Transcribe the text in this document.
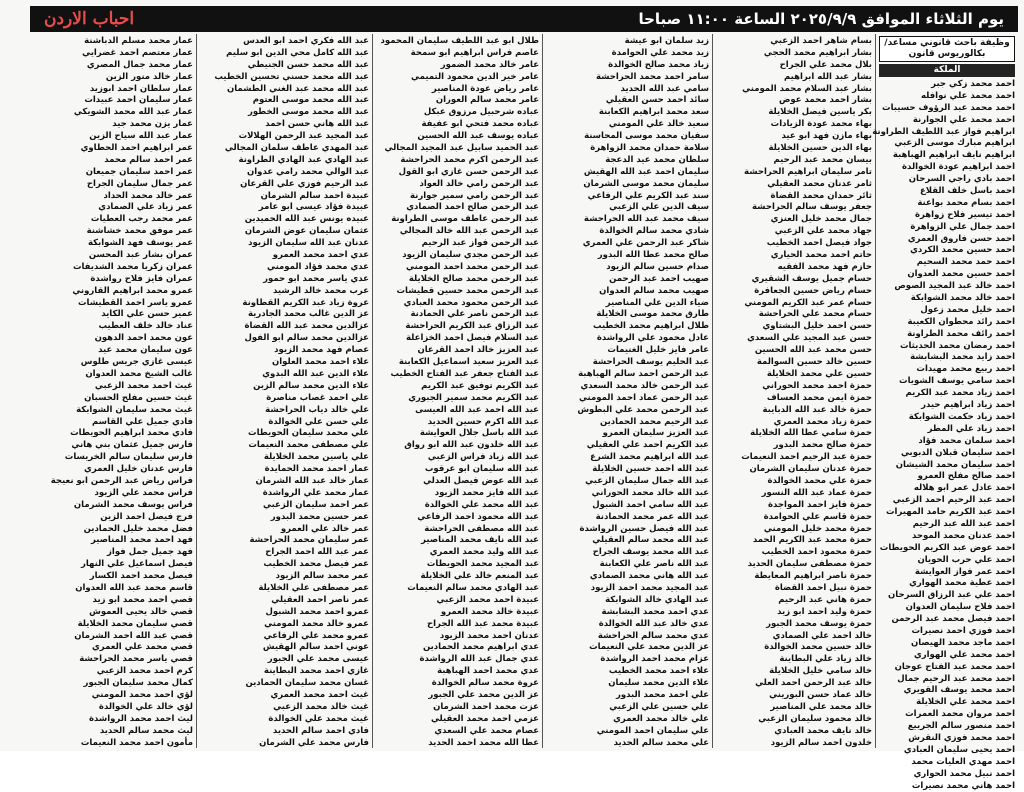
احباب الاردن	يوم الثلاثاء الموافق ٢٠٢٥/٩/٩ الساعة ١١:٠٠ صباحا
وظيفة باحث قانوني مساعد/ بكالوريوس قانون
الملكة
احمد محمد زكي جبر
احمد محمد علي نوافله
احمد محمد عبد الرؤوف حسيبات
احمد محمد علي الجوارنة
ابراهيم فواز عبد اللطيف الطراونة
ابراهيم مبارك موسى الزعبي
ابراهيم نايف ابراهيم الهباهبة
احمد ابراهيم عودة الخوالدة
احمد بادي راجي السرحان
احمد باسل خلف القلاع
احمد بسام محمد بواعنة
احمد تيسير فلاح زواهرة
احمد جمال علي الزواهرة
احمد حسن فاروق العمري
احمد حسين محمد الكردي
احمد حمد محمد السحيم
احمد حسين محمد العدوان
احمد خالد عبد المجيد الصوص
احمد خالد محمد الشوابكة
احمد خليل محمد زعول
احمد رائد محطوان الكعيبة
احمد رائف محمد الطراونة
احمد رمضان محمد الحديثات
احمد زايد محمد البشابشة
احمد ربيع محمد مهيدات
احمد سامي يوسف الشويات
احمد زياد محمد عبد الكريم
احمد زياد ابراهيم حيدر
احمد زياد حكمت الشوابكة
احمد زياد علي المطر
احمد سلمان محمد فؤاد
احمد سليمان قبلان الدبوبي
احمد سليمان محمد الشيشان
احمد صالح مفلح العمرو
احمد عادل عمر ابو هلاله
احمد عبد الرحيم احمد الزعبي
احمد عبد الكريم حامد المهيرات
احمد عبد الله عبد الرحيم
احمد عدنان محمد الموحد
احمد عوض عبد الكريم الحويطات
احمد علي حرب الحويان
احمد عمر فواز العوايشة
احمد عطية محمد الهواري
احمد علي عبد الرزاق السرحان
احمد فلاح سليمان العدوان
احمد فيصل محمد عبد الرحمن
احمد فوزي احمد نصيرات
احمد ماجد محمد الهيصان
احمد محمد علي الهواري
احمد محمد عبد الفتاح عوجان
احمد محمد عبد الرحيم جمال
احمد محمد يوسف القويري
احمد محمد علي الخلايلة
احمد مروان محمد العمرات
احمد منصور سالم الجرييع
احمد محمد فوزي النقرش
احمد يحيى سليمان العبادي
احمد مهدي العليات محمد
احمد نبيل محمد الحواري
احمد هاني محمد نصيرات
بسام شاهر احمد الزعبي
بشار ابراهيم محمد الحجي
بلال محمد علي الجراح
بشار عبد الله ابراهيم
بشار عبد السلام محمد المومني
بشار احمد محمد عوض
بكر ياسين فيصل الخلايلة
بهاء محمد عودة الزيادات
بهاء مازن فهد ابو عيد
بهاء الدين حسين الخلايلة
بيسان محمد عبد الرحيم
تامر سليمان ابراهيم الحراحشة
ثامر عدنان محمد العقيلي
ثائر حمدان محمد القضاة
جعفر يوسف سالم الحراحشة
جمال محمد خليل العنزي
جهاد محمد علي الزعبي
جواد فيصل احمد الخطيب
حاتم احمد محمد الحياري
حازم فهد محمد الفقيه
حسام جميل يوسف الشقيري
حسام رياض حسين الجعافرة
حسام عمر عبد الكريم المومني
حسام محمد علي الحراحشة
حسن احمد خليل البشتاوي
حسن عبد المجيد علي السعدي
حسن محمد عبد الله الحسين
حسين خالد حسين السوالمة
حسين علي محمد الخلايلة
حمزة احمد محمد الحوراني
حمزة ايمن محمد العساف
حمزة خالد عبد الله الدبايبة
حمزة زياد محمد العمري
حمزة سامي عطا الله الخلايلة
حمزة صالح محمد البدور
حمزة عبد الرحيم احمد النعيمات
حمزة عدنان سليمان الشرمان
حمزة علي محمد الخوالدة
حمزة عماد عبد الله النسور
حمزة فايز احمد المواجدة
حمزة قاسم علي الحوامدة
حمزة محمد خليل المومني
حمزة محمد عبد الكريم الحمد
حمزة محمود احمد الخطيب
حمزة مصطفى سليمان الحديد
حمزة ناصر ابراهيم المعايطة
حمزة نبيل احمد القضاة
حمزة هاني عبد الرحيم
حمزة وليد احمد ابو زيد
حمزة يوسف محمد الجبور
خالد احمد علي الصمادي
خالد حسين محمد الخوالدة
خالد زياد علي البطاينة
خالد سامي خليل الخلايلة
خالد عبد الرحمن احمد العلي
خالد عماد حسن البوريني
خالد محمد علي المناصير
خالد محمود سليمان الزعبي
خالد نايف محمد العبادي
خلدون احمد سالم الزيود
زيد سلمان ابو عيشة
زيد محمد علي الحوامدة
زياد محمد صالح الخوالدة
سامر احمد محمد الحراحشة
سامي عبد الله الحديد
سائد احمد حسن العقيلي
سعد محمد ابراهيم الكعابنة
سعيد خالد علي المومني
سفيان محمد موسى المحاسنة
سلامة حمدان محمد الزواهرة
سلطان محمد عيد الدعجة
سليمان احمد عبد الله الهقيش
سليمان محمد موسى الشرمان
سند عبد الكريم علي الرفاعي
سيف الدين علي الزعبي
سيف محمد عبد الله الحراحشة
شادي محمد سالم الخوالدة
شاكر عبد الرحمن علي العمري
صالح محمد عطا الله البدور
صدام حسين سالم الزيود
صهيب احمد عبد الرحمن
صهيب محمد سالم العدوان
ضياء الدين علي المناصير
طارق محمد موسى الخلايلة
طلال ابراهيم محمد الخطيب
عادل محمود علي الرواشدة
عامر فايز خليل الغنيمات
عبد الحليم يوسف الحراحشة
عبد الرحمن احمد سالم الهباهبة
عبد الرحمن خالد محمد السعدي
عبد الرحمن عماد احمد المومني
عبد الرحمن محمد علي البطوش
عبد الرحيم محمد الحمادين
عبد العزيز سليمان العمرو
عبد الكريم احمد علي العقيلي
عبد الله ابراهيم محمد الشرع
عبد الله احمد حسين الخلايلة
عبد الله جمال سليمان الزعبي
عبد الله خالد محمد الحوراني
عبد الله سامي احمد الشبول
عبد الله عمر محمد الحمادنة
عبد الله فيصل حسين الرواشدة
عبد الله محمد سالم العقيلي
عبد الله محمد يوسف الجراح
عبد الله ناصر علي الكعابنة
عبد الله هاني محمد الصمادي
عبد المجيد محمد احمد الزيود
عبد الهادي خالد الشوابكة
عدي احمد محمد البشابشة
عدي خالد عبد الله الخوالدة
عدي محمد سالم الحراحشة
عز الدين محمد علي النعيمات
عزام محمد احمد الرواشدة
علاء احمد محمد الخطيب
علاء الدين محمد سليمان
علي احمد محمد البدور
علي حسين علي الزعبي
علي خالد محمد العمري
علي سليمان احمد المومني
علي محمد سالم الحديد
طلال ابو عبد اللطيف سليمان المحمود
عاصم فراس ابراهيم ابو سمحة
عامر خالد محمد الضمور
عامر خير الدين محمود التميمي
عامر رياض عودة المناصير
عامر محمد سالم العوران
عباده شرحبيل مرزوق عبكل
عباده محمد فتحي ابو عفيفة
عباده يوسف عبد الله الحسين
عبد الحميد سابيل عبد المجيد المجالي
عبد الرحمن اكرم محمد الحراحشة
عبد الرحمن حسن غازي ابو القول
عبد الرحمن رامي خالد العواد
عبد الرحمن رامي سمير جوارنة
عبد الرحمن صالح احمد الصمادي
عبد الرحمن عاطف موسى الطراونة
عبد الرحمن عبد الله خالد المجالي
عبد الرحمن فواز عبد الرحيم
عبد الرحمن مجدي سليمان الزيود
عبد الرحمن محمد احمد المومني
عبد الرحمن محمد صالح الخلايلة
عبد الرحمن محمد حسين قطيشات
عبد الرحمن محمود محمد العبادي
عبد الرحمن ناصر علي الحمادنة
عبد الرزاق عبد الكريم الحراحشة
عبد السلام فيصل احمد الخزاعلة
عبد العزيز خالد احمد القرعان
عبد العزيز سعيد اسماعيل الكعابنة
عبد الفتاح جعفر عبد الفتاح الخطيب
عبد الكريم توفيق عبد الكريم
عبد الكريم محمد سمير الجبوري
عبد الله احمد عبد الله العيسى
عبد الله اكرم حسين الحديد
عبد الله باسل جلال العوايشة
عبد الله خلدون عبد الله ابو رواق
عبد الله زياد فراس الزعبي
عبد الله سليمان ابو عرقوب
عبد الله عوض فيصل العدلي
عبد الله فايز محمد الزيود
عبد الله محمد علي الخوالدة
عبد الله محمود احمد الرفاعي
عبد الله مصطفى الحراحشة
عبد الله نايف محمد المناصير
عبد الله وليد محمد العمري
عبد المجيد محمد الحويطات
عبد المنعم خالد علي الخلايلة
عبد الهادي محمد سالم النعيمات
عبيدة احمد محمد الزعبي
عبيدة خالد محمد العمرو
عبيدة محمد عبد الله الجراح
عدنان احمد محمد الزيود
عدي ابراهيم محمد الحمادين
عدي جمال عبد الله الرواشدة
عدي محمد احمد الهباهبة
عروة محمد سالم الخوالدة
عز الدين محمد علي الجبور
عزت محمد احمد الشرمان
عزمي احمد محمد العقيلي
عصام محمد علي السعدي
عطا الله محمد احمد الحديد
عبد الله فكري احمد ابو العدس
عبد الله كامل محي الدين ابو سليم
عبد الله محمد حسن الجنيطي
عبد الله محمد حسني تحسين الخطيب
عبد الله محمد عبد الغني الطشمان
عبد الله محمد موسى العتوم
عبد الله محمد موسى الخطور
عبد الله هاني حسن احمد
عبد المجيد عبد الرحمن الهلالات
عبد المهدي عاطف سلمان المجالي
عبد الهادي عبد الهادي الطراونة
عبد الوالي محمد رامي عدوان
عبد الرحيم فوزي علي القرعان
عبيدة احمد سالم الشرمان
عبيدة فؤاد عيسى ابو عامر
عبيده يونس عبد الله الحميدين
عثمان سليمان عوض الشرمان
عدنان عبد الله سليمان الزيود
عدي احمد محمد العمرو
عدي محمد فؤاد المومني
عدي ياسر محمد ابو حمور
عرب محمد خالد الرشيد
عروة زياد عبد الكريم القطاونة
عز الدين غالب محمد الجادرية
عزالدين محمد عبد الله القضاة
عزالدين محمد سالم ابو الفول
عصام فهد محمد الزيود
علاء احمد محمد العلوان
علاء الدين عبد الله البدوي
علاء الدين محمد سالم الزبن
علي احمد غصاب مناصرة
علي خالد دياب الحراحشة
علي حسن علي الخوالدة
علي محمد سليمان الحويطات
علي مصطفى محمد النعيمات
علي ياسين محمد الخلايلة
عمار احمد محمد الحمايدة
عمار خالد عبد الله الشرمان
عمار محمد علي الرواشدة
عمر احمد سليمان الزعبي
عمر حسين محمد البدور
عمر خالد علي العمرو
عمر سليمان محمد الحراحشة
عمر عبد الله احمد الجراح
عمر فيصل محمد الخطيب
عمر محمد سالم الزيود
عمر مصطفى علي الخلايلة
عمر ناصر احمد العقيلي
عمرو احمد محمد الشبول
عمرو خالد محمد المومني
عمرو محمد علي الرفاعي
عوني احمد سالم الهقيش
عيسى محمد علي الجبور
غازي احمد محمد البطاينة
غسان محمد سليمان الحمادين
غيث احمد محمد العمري
غيث خالد محمد الزعبي
غيث محمد علي الخوالدة
فادي احمد سالم الحديد
فارس محمد علي الشرمان
عمار محمد مسلم الدباشنة
عمار معتصم احمد غضرايي
عمار محمد جمال المصري
عمار خالد منور الزين
عمار سلطان احمد ابوزيد
عمار سليمان احمد عبيدات
عمار عبد الله محمد الشويكي
عمار يزن محمد جيد
عمار عبد الله سياح الزين
عمر ابراهيم احمد الحطاوي
عمر احمد سالم محمد
عمر احمد سليمان جميعان
عمر جمال سليمان الجراح
عمر خالد محمد الحداد
عمر زياد علي الصمادي
عمر محمد رجب العطيات
عمر موفق محمد خشاشنة
عمر يوسف فهد الشوابكة
عمران بشار عبد المحسن
عمران زكريا محمد الشديفات
عمران فايز فلاح رواشدة
عمرو محمد ابراهيم القاروني
عمرو ياسر احمد القطيشات
عمير حسن علي الكايد
عناد خالد خلف العطيب
عون محمد احمد الدهون
عون سليمان محمد عيد
عيسى غازي جريس طلوس
غالب الشيخ محمد العدوان
غيث احمد محمد الزعبي
غيث حسين مفلح الحسبان
غيث محمد سليمان الشوابكة
فادي جميل علي القاسم
فادي محمد ابراهيم الحويطات
فارس جميل عثمان بني هاني
فارس سليمان سالم الخريسات
فارس عدنان خليل العمري
فراس رياض عبد الرحمن ابو نعيجة
فراس محمد علي الزيود
فراس يوسف محمد الشرمان
فرج فيصل احمد الزين
فضل محمد خليل الحمادين
فهد احمد محمد المناصير
فهد جميل جمل فواز
فيصل اسماعيل علي النهار
فيصل محمد احمد الكسار
قاسم محمد عبد الله العدوان
قصي احمد محمد ابو زيد
قصي خالد يحيى العموش
قصي سليمان محمد الخلايلة
قصي عبد الله احمد الشرمان
قصي محمد علي العمري
قصي ياسر محمد الحراحشة
كرم احمد محمد الزعبي
كمال محمد سليمان الجبور
لؤي احمد محمد المومني
لؤي خالد علي الخوالدة
ليث احمد محمد الرواشدة
ليث محمد سالم الحديد
مأمون احمد محمد النعيمات
